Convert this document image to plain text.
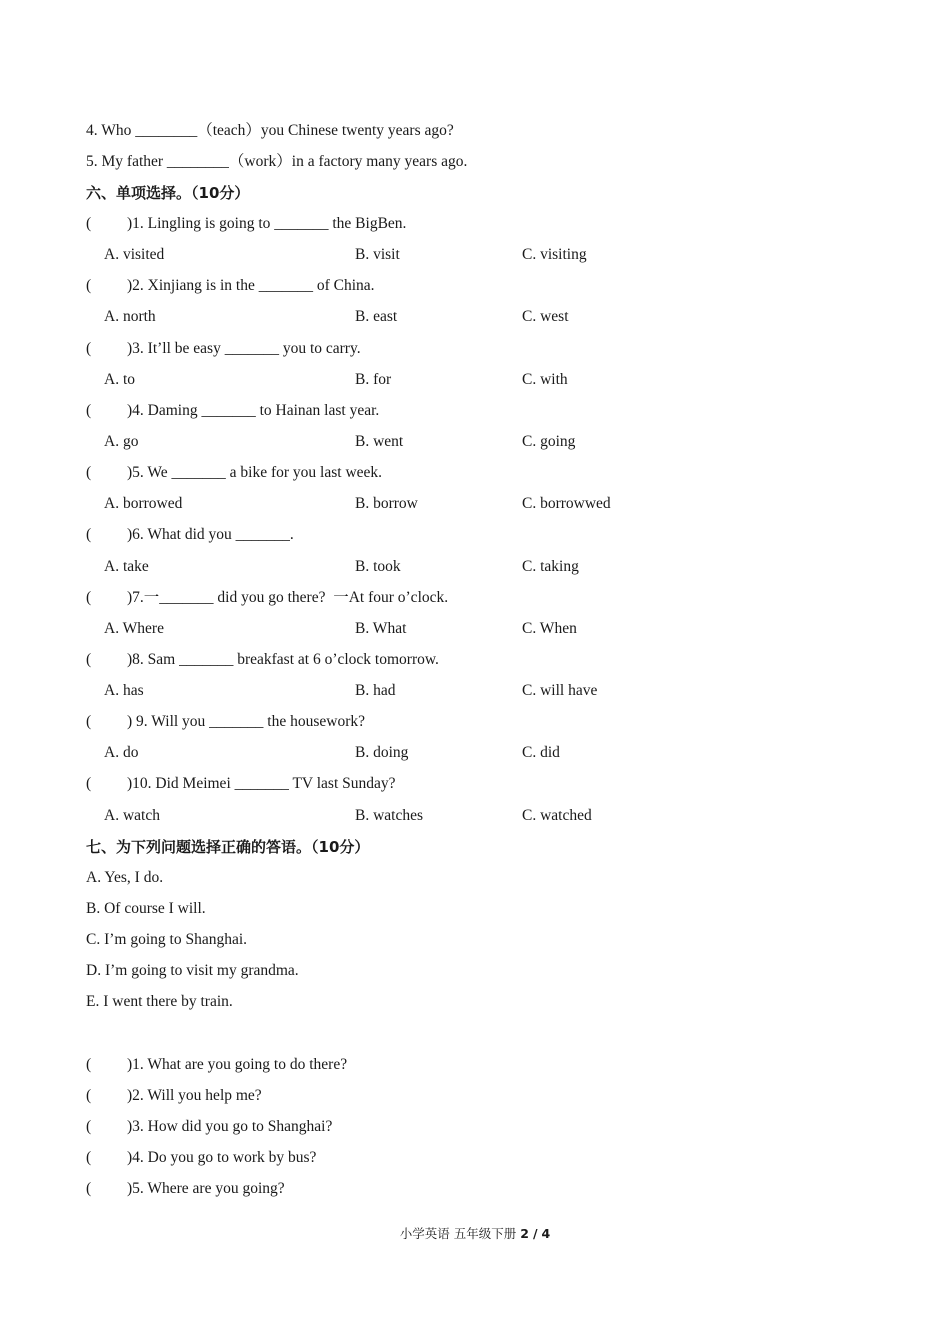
4. Who ________（teach）you Chinese twenty years ago?
5. My father ________（work）in a factory many years ago.
六、单项选择。（10分）
( )1. Lingling is going to _______ the BigBen.
A. visited	B. visit	C. visiting
( )2. Xinjiang is in the _______ of China.
A. north	B. east	C. west
( )3. It’ll be easy _______ you to carry.
A. to	B. for	C. with
( )4. Daming _______ to Hainan last year.
A. go	B. went	C. going
( )5. We _______ a bike for you last week.
A. borrowed	B. borrow	C. borrowwed
( )6. What did you _______.
A. take	B. took	C. taking
( )7.一_______ did you go there?  一At four o’clock.
A. Where	B. What	C. When
( )8. Sam _______ breakfast at 6 o’clock tomorrow.
A. has	B. had	C. will have
( ) 9. Will you _______ the housework?
A. do	B. doing	C. did
( )10. Did Meimei _______ TV last Sunday?
A. watch	B. watches	C. watched
七、为下列问题选择正确的答语。（10分）
A. Yes, I do.
B. Of course I will.
C. I’m going to Shanghai.
D. I’m going to visit my grandma.
E. I went there by train.
( )1. What are you going to do there?
( )2. Will you help me?
( )3. How did you go to Shanghai?
( )4. Do you go to work by bus?
( )5. Where are you going?
小学英语 五年级下册 2 / 4
